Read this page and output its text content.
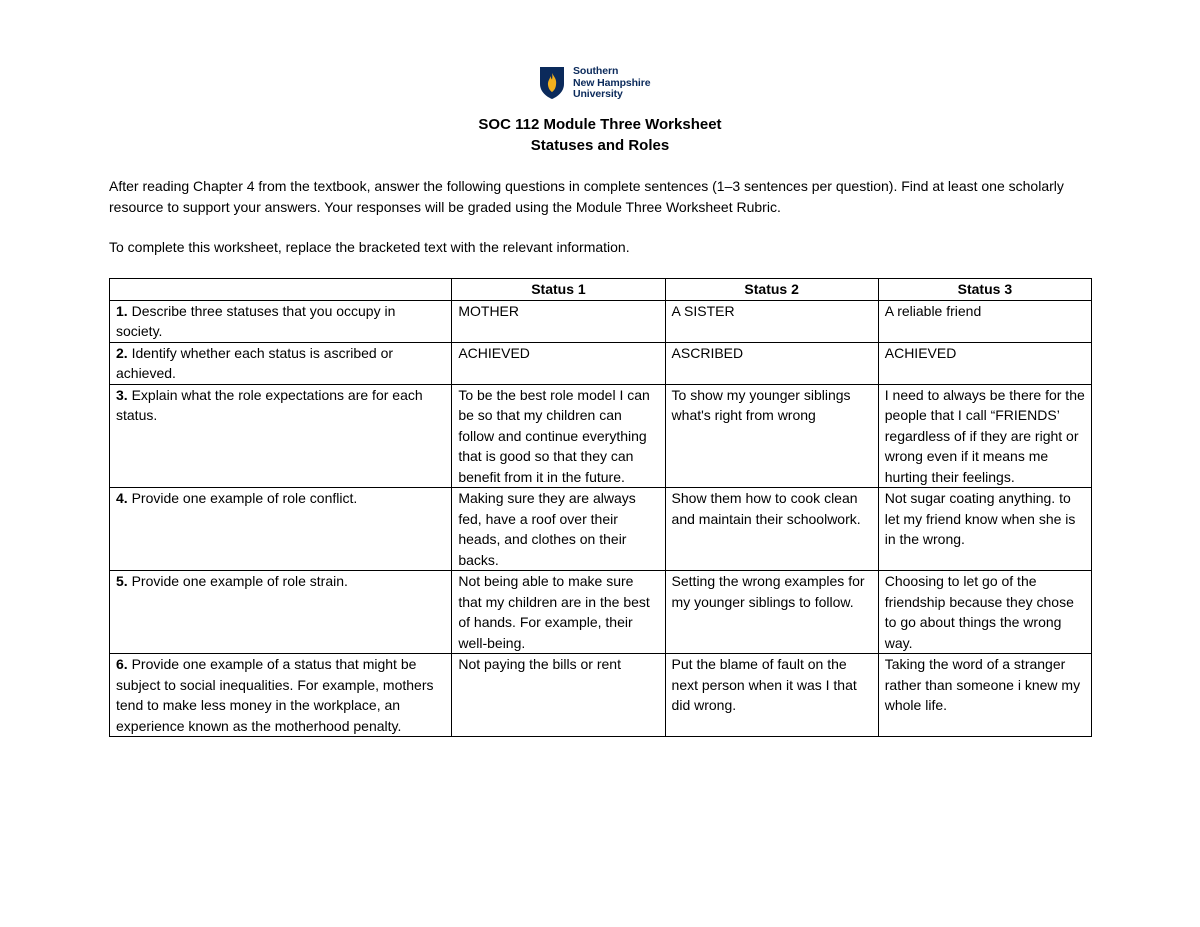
Southern
New Hampshire
University
SOC 112 Module Three Worksheet
Statuses and Roles
After reading Chapter 4 from the textbook, answer the following questions in complete sentences (1–3 sentences per question). Find at least one scholarly resource to support your answers. Your responses will be graded using the Module Three Worksheet Rubric.
To complete this worksheet, replace the bracketed text with the relevant information.
	Status 1	Status 2	Status 3
1. Describe three statuses that you occupy in society.	MOTHER	A SISTER	A reliable friend
2. Identify whether each status is ascribed or achieved.	ACHIEVED	ASCRIBED	ACHIEVED
3. Explain what the role expectations are for each status.	To be the best role model I can be so that my children can follow and continue everything that is good so that they can benefit from it in the future.	To show my younger siblings what's right from wrong	I need to always be there for the people that I call “FRIENDS’ regardless of if they are right or wrong even if it means me hurting their feelings.
4. Provide one example of role conflict.	Making sure they are always fed, have a roof over their heads, and clothes on their backs.	Show them how to cook clean and maintain their schoolwork.	Not sugar coating anything. to let my friend know when she is in the wrong.
5. Provide one example of role strain.	Not being able to make sure that my children are in the best of hands. For example, their well-being.	Setting the wrong examples for my younger siblings to follow.	Choosing to let go of the friendship because they chose to go about things the wrong way.
6. Provide one example of a status that might be subject to social inequalities. For example, mothers tend to make less money in the workplace, an experience known as the motherhood penalty.	Not paying the bills or rent	Put the blame of fault on the next person when it was I that did wrong.	Taking the word of a stranger rather than someone i knew my whole life.
